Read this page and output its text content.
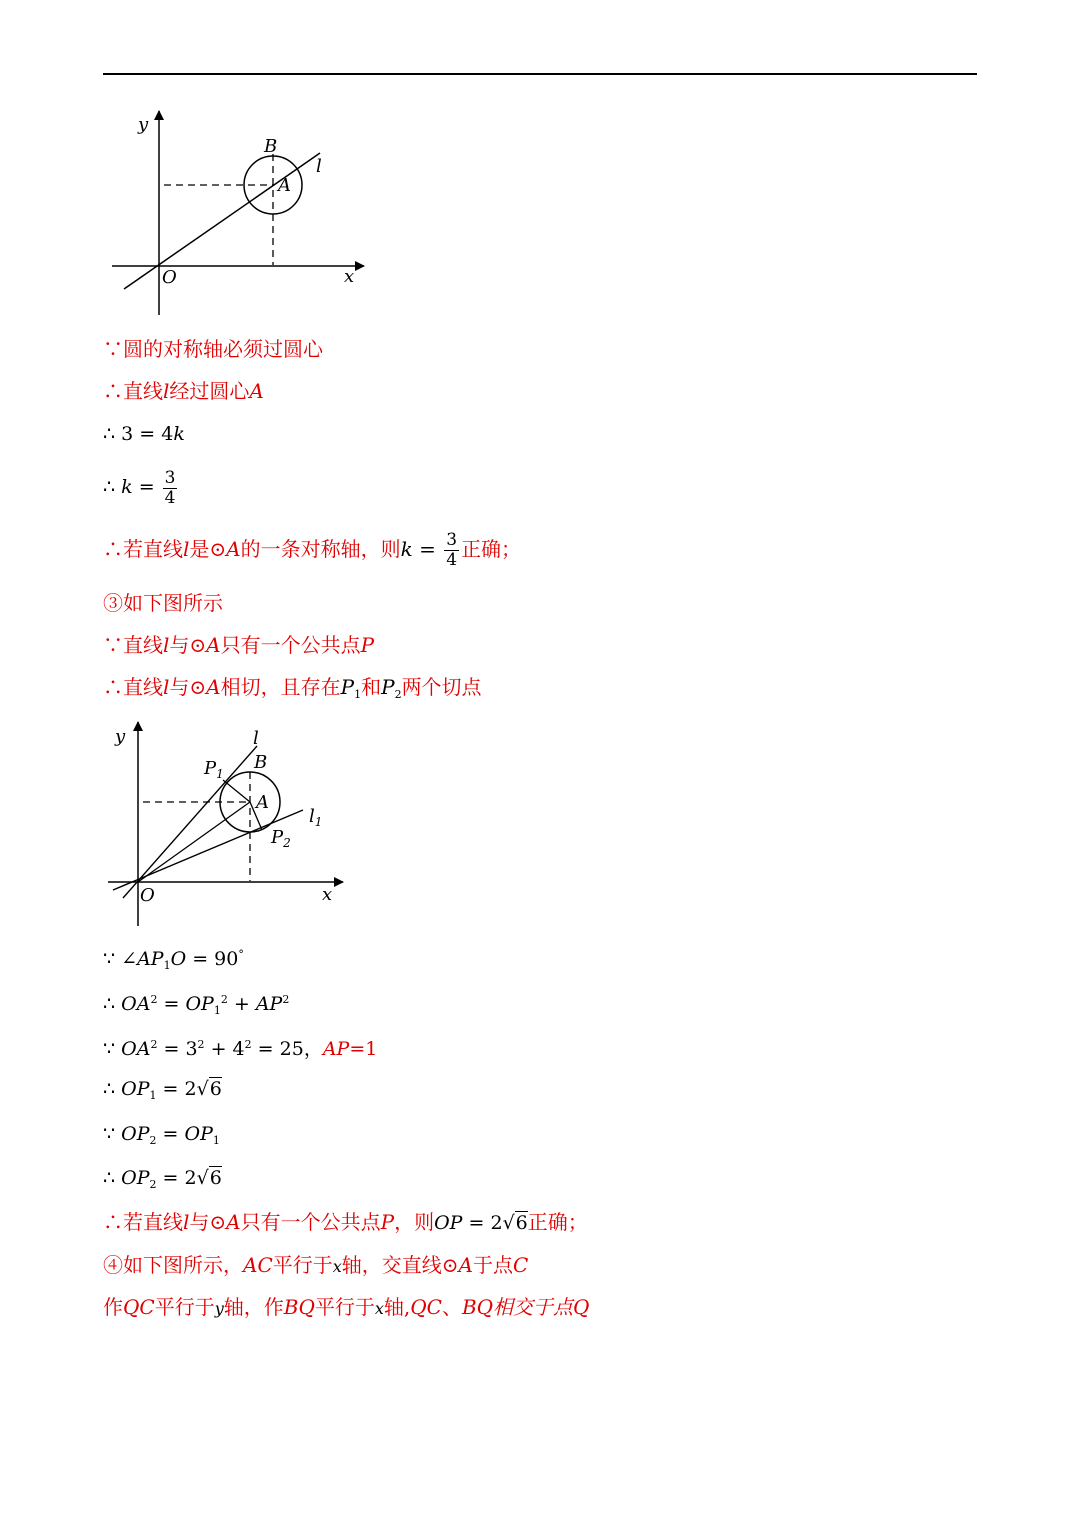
y
B
A
l
O	x
∵圆的对称轴必须过圆心
∴直线l经过圆心A
∴ 3 = 4k
∴ $k = \frac{3}{4}$
∴若直线l是⊙A的一条对称轴，则$k = \frac{3}{4}$ 正确；
③如下图所示
∵直线l与⊙A只有一个公共点P
∴直线l与⊙A相切，且存在$P_1$和$P_2$两个切点
y	l
$P_1$
B
A
$l_1$
$P_2$
O	x
∵ $\angle AP_1O = 90^\circ$
∴ $OA^2 = OP_1^2 + AP^2$
∵ $OA^2 = 3^2 + 4^2 = 25$，AP=1
∴ $OP_1 = 2√6$
∵ $OP_2 = OP_1$
∴ $OP_2 = 2√6$
∴若直线l与⊙A只有一个公共点P，则OP = 2√6正确；
④如下图所示，AC平行于x轴，交直线⊙A于点C
作QC平行于y轴，作BQ平行于x轴,QC、BQ相交于点Q
